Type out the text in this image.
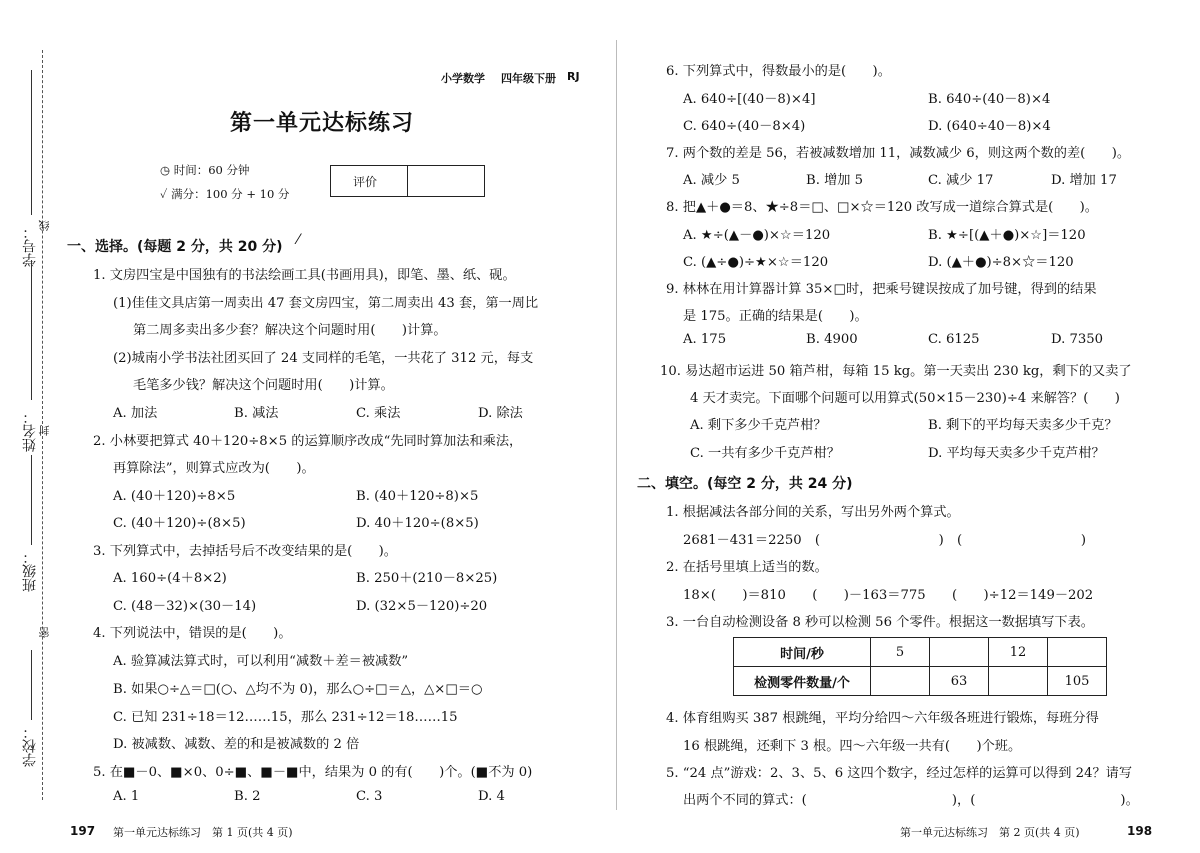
学号：
姓名：
班级：
学校：
线
封
密
小学数学 四年级下册 RJ
第一单元达标练习
◷ 时间：60 分钟
✓ 满分：100 分 + 10 分
评价
一、选择。(每题 2 分，共 20 分) ⁄
1. 文房四宝是中国独有的书法绘画工具(书画用具)，即笔、墨、纸、砚。
(1)佳佳文具店第一周卖出 47 套文房四宝，第二周卖出 43 套，第一周比
第二周多卖出多少套？解决这个问题时用(　　)计算。
(2)城南小学书法社团买回了 24 支同样的毛笔，一共花了 312 元，每支
毛笔多少钱？解决这个问题时用(　　)计算。
A. 加法	B. 减法	C. 乘法	D. 除法
2. 小林要把算式 40＋120÷8×5 的运算顺序改成“先同时算加法和乘法，
再算除法”，则算式应改为(　　)。
A. (40＋120)÷8×5	B. (40＋120÷8)×5
C. (40＋120)÷(8×5)	D. 40＋120÷(8×5)
3. 下列算式中，去掉括号后不改变结果的是(　　)。
A. 160÷(4＋8×2)	B. 250＋(210－8×25)
C. (48－32)×(30－14)	D. (32×5－120)÷20
4. 下列说法中，错误的是(　　)。
A. 验算减法算式时，可以利用“减数＋差＝被减数”
B. 如果○÷△＝□(○、△均不为 0)，那么○÷□＝△，△×□＝○
C. 已知 231÷18＝12……15，那么 231÷12＝18……15
D. 被减数、减数、差的和是被减数的 2 倍
5. 在■－0、■×0、0÷■、■－■中，结果为 0 的有(　　)个。(■不为 0)
A. 1	B. 2	C. 3	D. 4
6. 下列算式中，得数最小的是(　　)。
A. 640÷[(40－8)×4]	B. 640÷(40－8)×4
C. 640÷(40－8×4)	D. (640÷40－8)×4
7. 两个数的差是 56，若被减数增加 11，减数减少 6，则这两个数的差(　　)。
A. 减少 5	B. 增加 5	C. 减少 17	D. 增加 17
8. 把▲＋●＝8、★÷8＝□、□×☆＝120 改写成一道综合算式是(　　)。
A. ★÷(▲－●)×☆＝120	B. ★÷[(▲＋●)×☆]＝120
C. (▲÷●)÷★×☆＝120	D. (▲＋●)÷8×☆＝120
9. 林林在用计算器计算 35×□时，把乘号键误按成了加号键，得到的结果
是 175。正确的结果是(　　)。
A. 175	B. 4900	C. 6125	D. 7350
10. 易达超市运进 50 箱芦柑，每箱 15 kg。第一天卖出 230 kg，剩下的又卖了
4 天才卖完。下面哪个问题可以用算式(50×15－230)÷4 来解答？(　　)
A. 剩下多少千克芦柑？	B. 剩下的平均每天卖多少千克？
C. 一共有多少千克芦柑？	D. 平均每天卖多少千克芦柑？
二、填空。(每空 2 分，共 24 分)
1. 根据减法各部分间的关系，写出另外两个算式。
2681－431＝2250　(　　　　　　　　　)　(　　　　　　　　　)
2. 在括号里填上适当的数。
18×(　　)＝810　　(　　)－163＝775　　(　　)÷12＝149－202
3. 一台自动检测设备 8 秒可以检测 56 个零件。根据这一数据填写下表。
时间/秒	5		12	
检测零件数量/个		63		105
4. 体育组购买 387 根跳绳，平均分给四～六年级各班进行锻炼，每班分得
16 根跳绳，还剩下 3 根。四～六年级一共有(　　)个班。
5. “24 点”游戏：2、3、5、6 这四个数字，经过怎样的运算可以得到 24？请写
出两个不同的算式：(　　　　　　　　　　　)，(　　　　　　　　　　　)。
197 第一单元达标练习　第 1 页(共 4 页)	第一单元达标练习　第 2 页(共 4 页)	198
